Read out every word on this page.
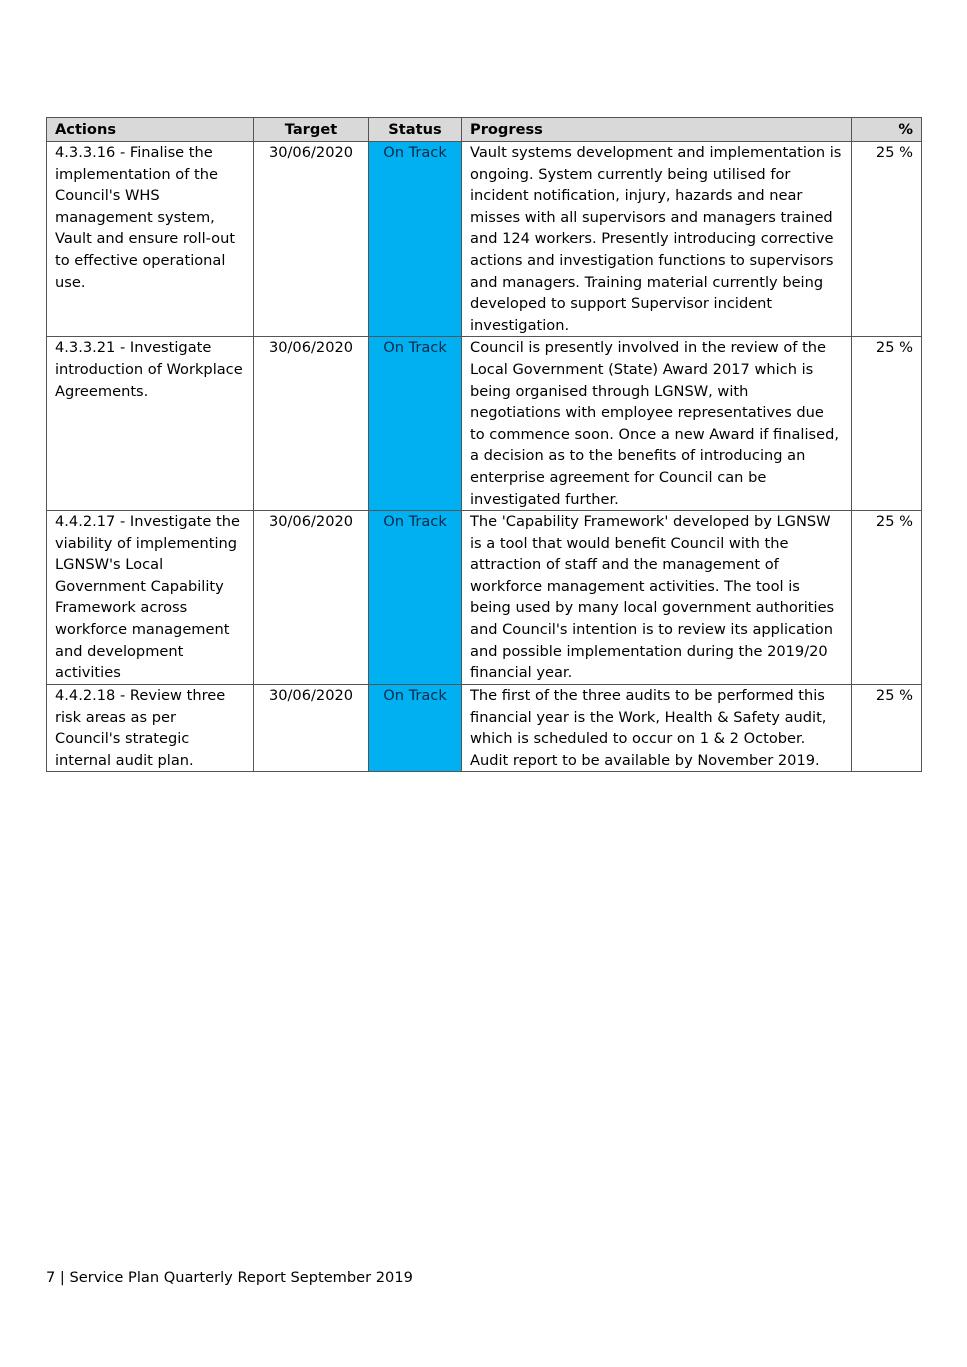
Actions	Target	Status	Progress	%
4.3.3.16 - Finalise the implementation of the Council's WHS management system, Vault and ensure roll-out to effective operational use.	30/06/2020	On Track	Vault systems development and implementation is ongoing. System currently being utilised for incident notification, injury, hazards and near misses with all supervisors and managers trained and 124 workers. Presently introducing corrective actions and investigation functions to supervisors and managers. Training material currently being developed to support Supervisor incident investigation.	25 %
4.3.3.21 - Investigate introduction of Workplace Agreements.	30/06/2020	On Track	Council is presently involved in the review of the Local Government (State) Award 2017 which is being organised through LGNSW, with negotiations with employee representatives due to commence soon. Once a new Award if finalised, a decision as to the benefits of introducing an enterprise agreement for Council can be investigated further.	25 %
4.4.2.17 - Investigate the viability of implementing LGNSW's Local Government Capability Framework across workforce management and development activities	30/06/2020	On Track	The 'Capability Framework' developed by LGNSW is a tool that would benefit Council with the attraction of staff and the management of workforce management activities. The tool is being used by many local government authorities and Council's intention is to review its application and possible implementation during the 2019/20 financial year.	25 %
4.4.2.18 - Review three risk areas as per Council's strategic internal audit plan.	30/06/2020	On Track	The first of the three audits to be performed this financial year is the Work, Health & Safety audit, which is scheduled to occur on 1 & 2 October. Audit report to be available by November 2019.	25 %
7 | Service Plan Quarterly Report September 2019
